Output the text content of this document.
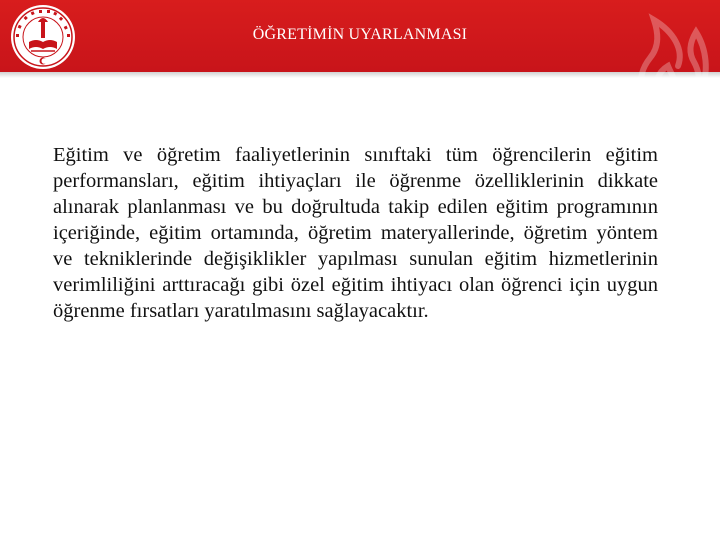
ÖĞRETİMİN UYARLANMASI
Eğitim ve öğretim faaliyetlerinin sınıftaki tüm öğrencilerin eğitim performansları, eğitim ihtiyaçları ile öğrenme özelliklerinin dikkate alınarak planlanması ve bu doğrultuda takip edilen eğitim programının içeriğinde, eğitim ortamında, öğretim materyallerinde, öğretim yöntem ve tekniklerinde değişiklikler yapılması sunulan eğitim hizmetlerinin verimliliğini arttıracağı gibi özel eğitim ihtiyacı olan öğrenci için uygun öğrenme fırsatları yaratılmasını sağlayacaktır.
